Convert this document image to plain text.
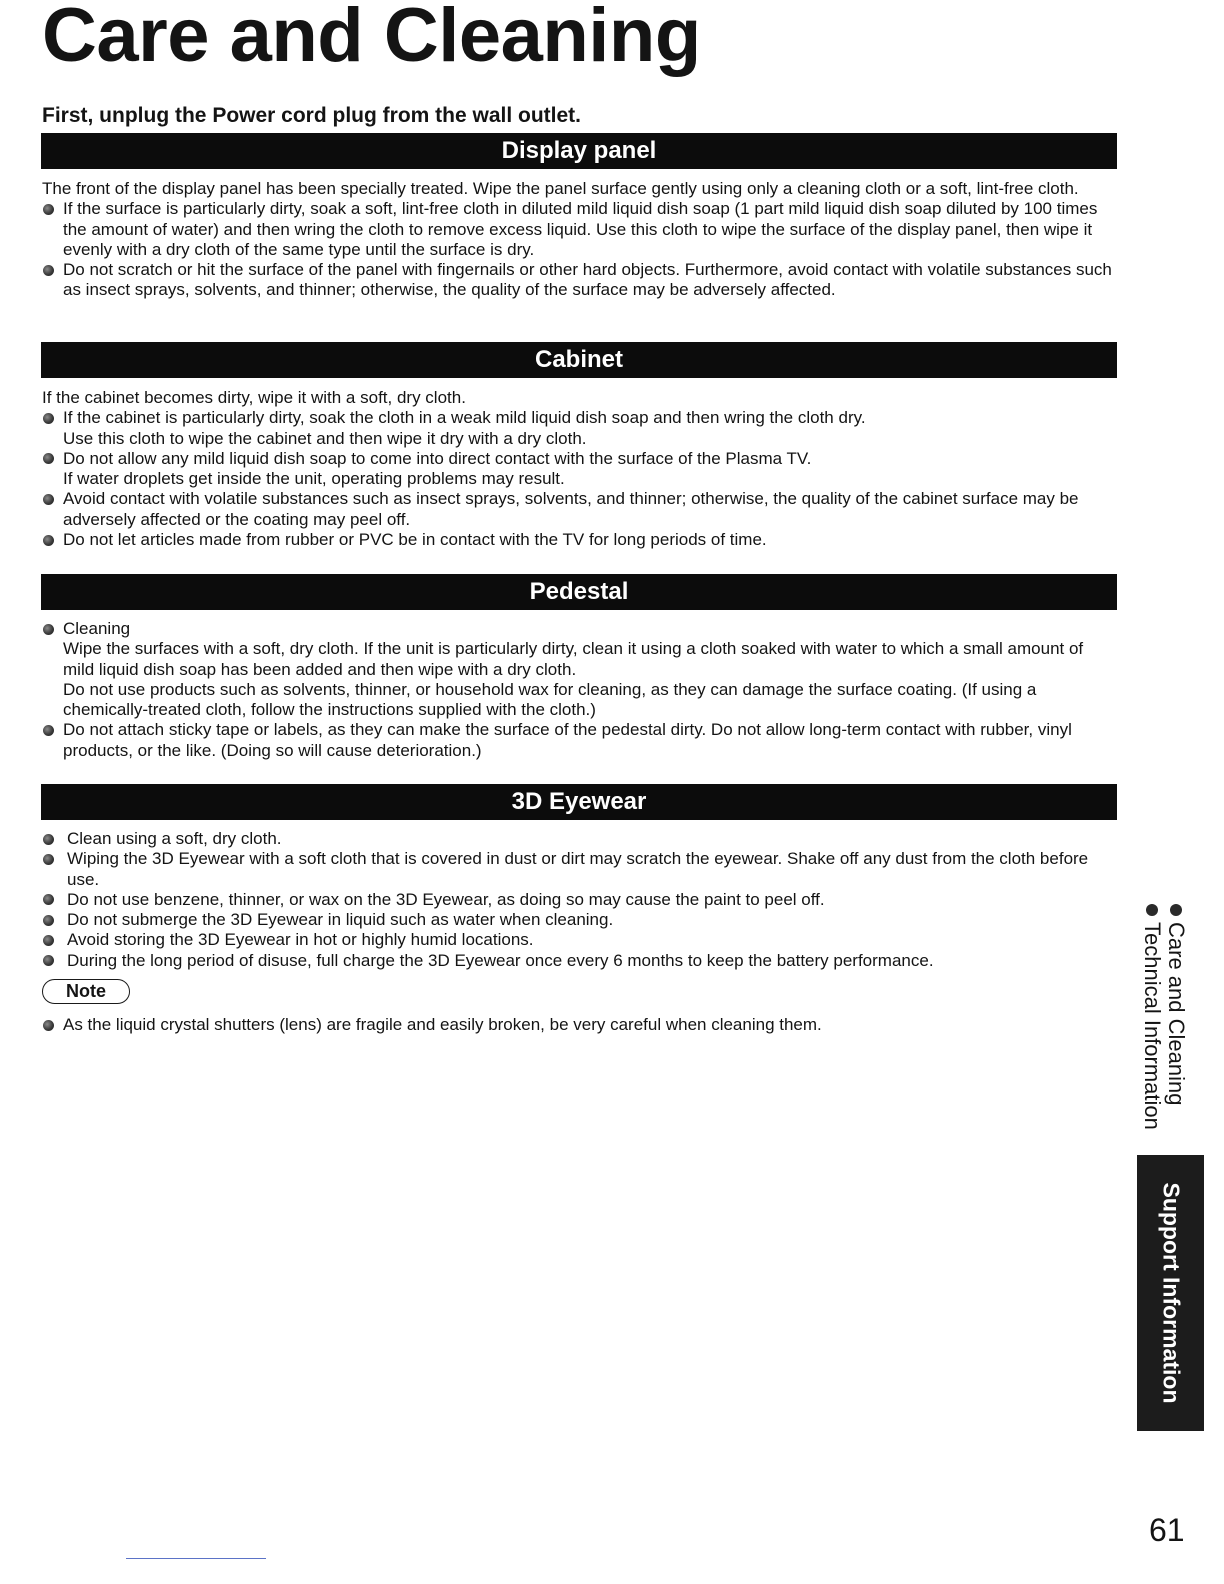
Care and Cleaning
First, unplug the Power cord plug from the wall outlet.
Display panel

The front of the display panel has been specially treated. Wipe the panel surface gently using only a cleaning cloth or a soft, lint-free cloth.

If the surface is particularly dirty, soak a soft, lint-free cloth in diluted mild liquid dish soap (1 part mild liquid dish soap diluted by 100 times the amount of water) and then wring the cloth to remove excess liquid. Use this cloth to wipe the surface of the display panel, then wipe it evenly with a dry cloth of the same type until the surface is dry.
Do not scratch or hit the surface of the panel with fingernails or other hard objects. Furthermore, avoid contact with volatile substances such as insect sprays, solvents, and thinner; otherwise, the quality of the surface may be adversely affected.
Cabinet

If the cabinet becomes dirty, wipe it with a soft, dry cloth.

If the cabinet is particularly dirty, soak the cloth in a weak mild liquid dish soap and then wring the cloth dry.
Use this cloth to wipe the cabinet and then wipe it dry with a dry cloth.
Do not allow any mild liquid dish soap to come into direct contact with the surface of the Plasma TV.
If water droplets get inside the unit, operating problems may result.
Avoid contact with volatile substances such as insect sprays, solvents, and thinner; otherwise, the quality of the cabinet surface may be adversely affected or the coating may peel off.
Do not let articles made from rubber or PVC be in contact with the TV for long periods of time.
Pedestal
Cleaning
Wipe the surfaces with a soft, dry cloth. If the unit is particularly dirty, clean it using a cloth soaked with water to which a small amount of mild liquid dish soap has been added and then wipe with a dry cloth.
Do not use products such as solvents, thinner, or household wax for cleaning, as they can damage the surface coating. (If using a chemically-treated cloth, follow the instructions supplied with the cloth.)
Do not attach sticky tape or labels, as they can make the surface of the pedestal dirty. Do not allow long-term contact with rubber, vinyl products, or the like. (Doing so will cause deterioration.)
3D Eyewear
Clean using a soft, dry cloth.
Wiping the 3D Eyewear with a soft cloth that is covered in dust or dirt may scratch the eyewear. Shake off any dust from the cloth before use.
Do not use benzene, thinner, or wax on the 3D Eyewear, as doing so may cause the paint to peel off.
Do not submerge the 3D Eyewear in liquid such as water when cleaning.
Avoid storing the 3D Eyewear in hot or highly humid locations.
During the long period of disuse, full charge the 3D Eyewear once every 6 months to keep the battery performance.
Note
As the liquid crystal shutters (lens) are fragile and easily broken, be very careful when cleaning them.	Care and Cleaning
Technical Information
Support Information
61
